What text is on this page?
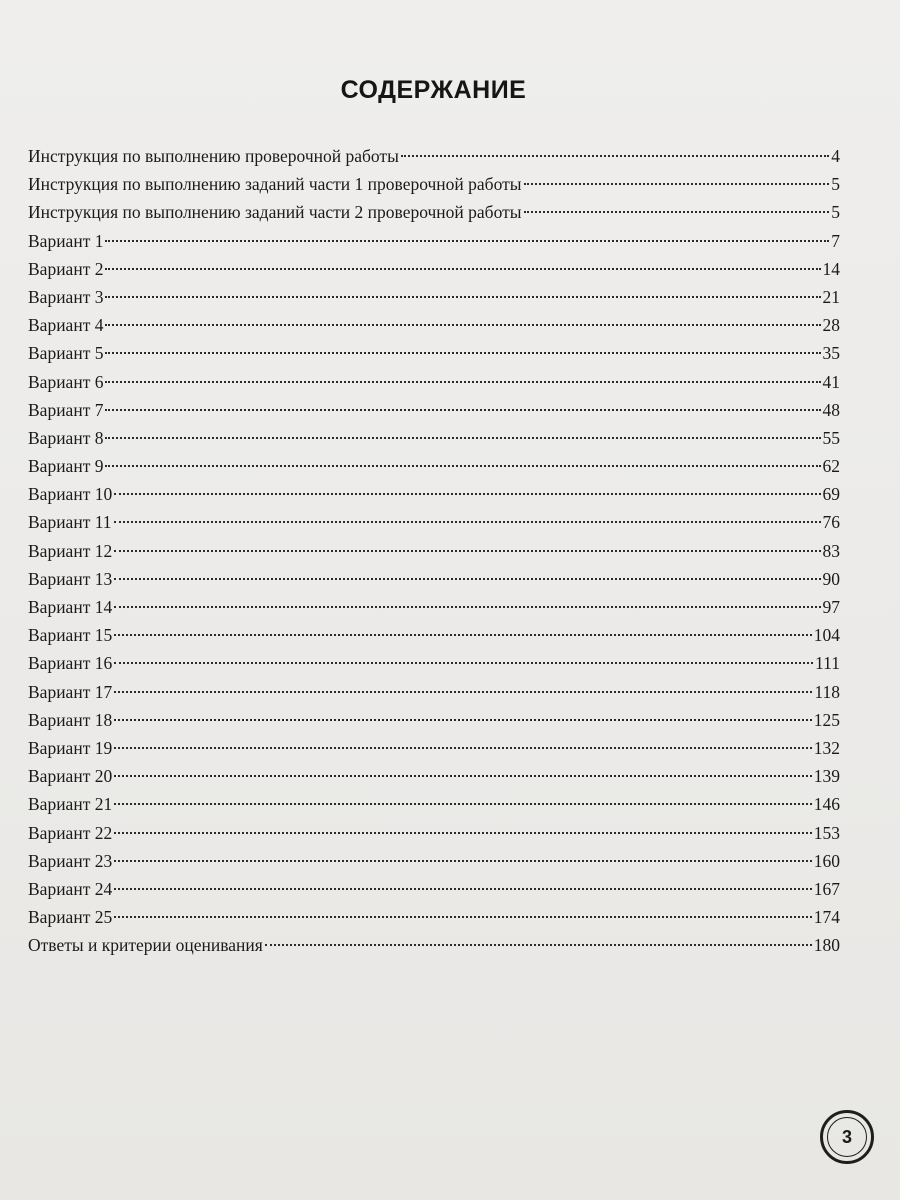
СОДЕРЖАНИЕ
Инструкция по выполнению проверочной работы	4
Инструкция по выполнению заданий части 1 проверочной работы	5
Инструкция по выполнению заданий части 2 проверочной работы	5
Вариант 1	7
Вариант 2	14
Вариант 3	21
Вариант 4	28
Вариант 5	35
Вариант 6	41
Вариант 7	48
Вариант 8	55
Вариант 9	62
Вариант 10	69
Вариант 11	76
Вариант 12	83
Вариант 13	90
Вариант 14	97
Вариант 15	104
Вариант 16	111
Вариант 17	118
Вариант 18	125
Вариант 19	132
Вариант 20	139
Вариант 21	146
Вариант 22	153
Вариант 23	160
Вариант 24	167
Вариант 25	174
Ответы и критерии оценивания	180
3
